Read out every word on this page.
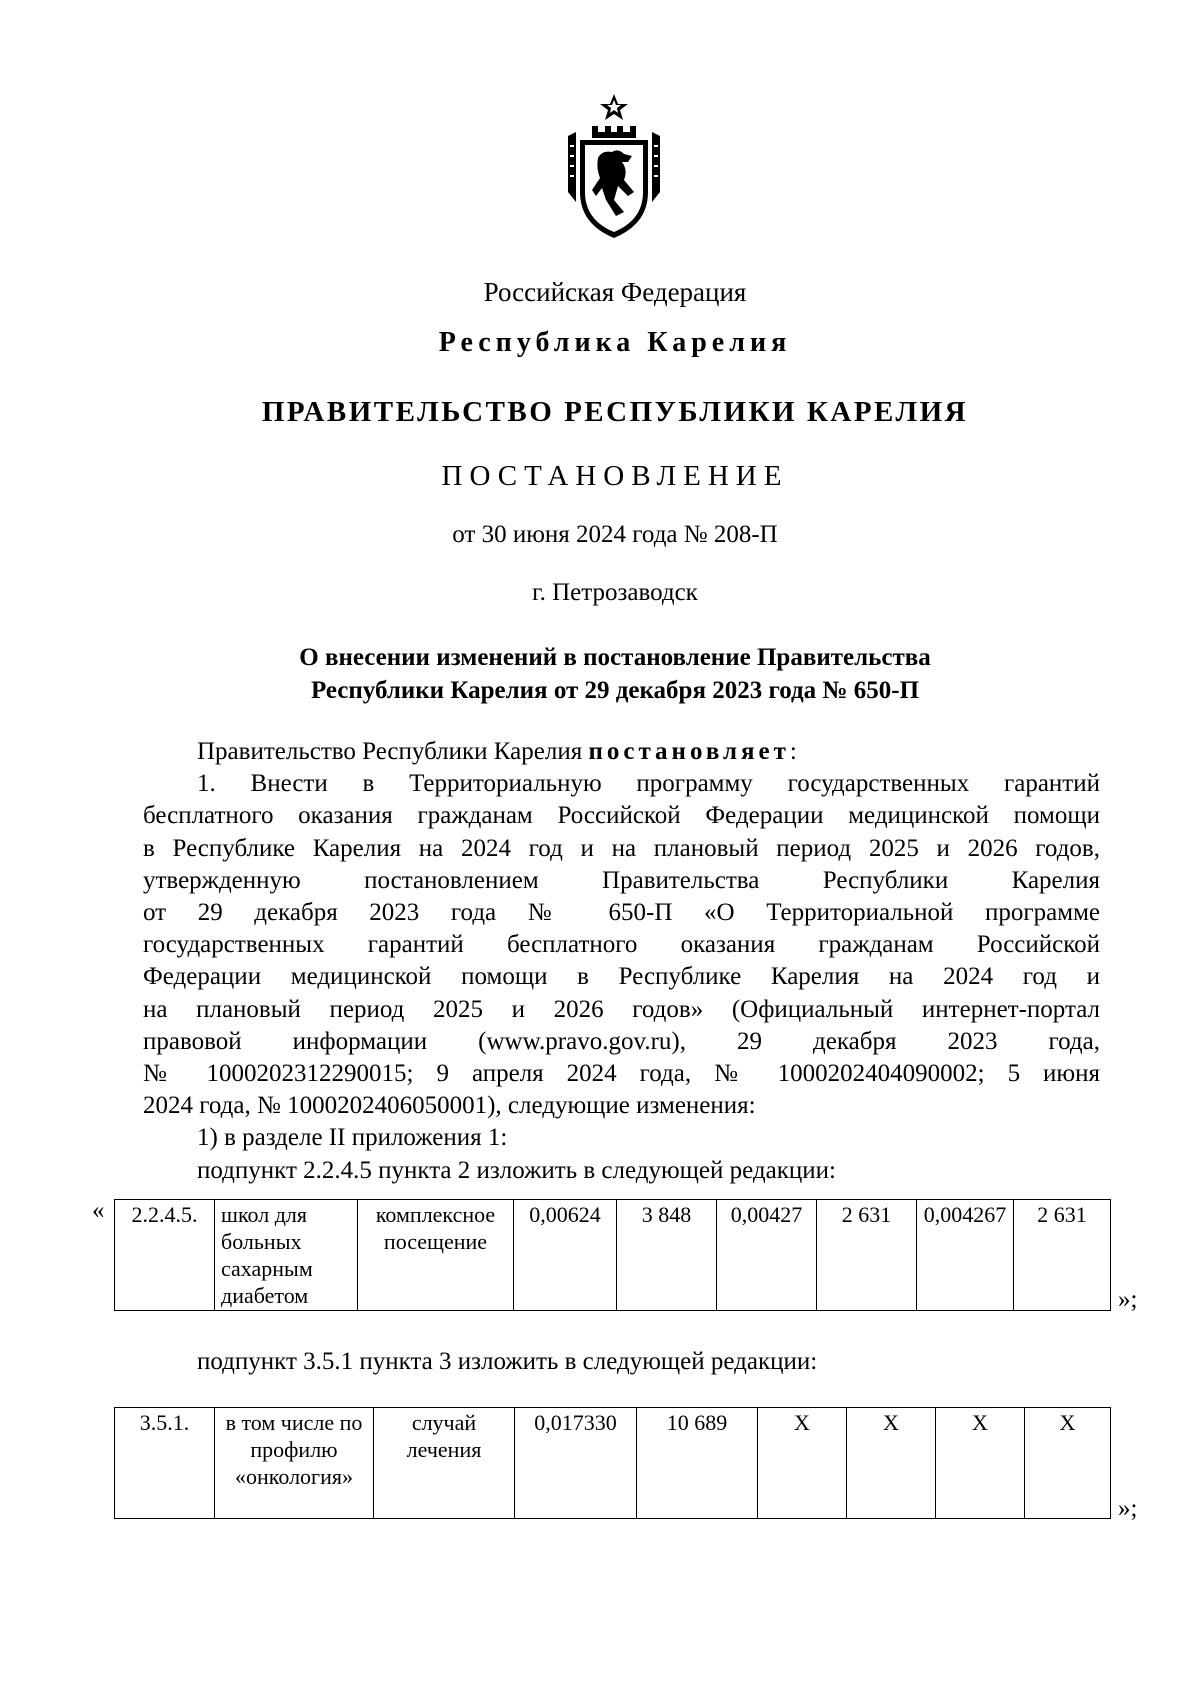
Российская Федерация
Республика Карелия
ПРАВИТЕЛЬСТВО РЕСПУБЛИКИ КАРЕЛИЯ
ПОСТАНОВЛЕНИЕ
от 30 июня 2024 года № 208-П
г. Петрозаводск
О внесении изменений в постановление Правительства
Республики Карелия от 29 декабря 2023 года № 650-П
Правительство Республики Карелия постановляет:
1. Внести в Территориальную программу государственных гарантий
бесплатного оказания гражданам Российской Федерации медицинской помощи
в Республике Карелия на 2024 год и на плановый период 2025 и 2026 годов,
утвержденную постановлением Правительства Республики Карелия
от 29 декабря 2023 года № 650-П «О Территориальной программе
государственных гарантий бесплатного оказания гражданам Российской
Федерации медицинской помощи в Республике Карелия на 2024 год и
на плановый период 2025 и 2026 годов» (Официальный интернет-портал
правовой информации (www.pravo.gov.ru), 29 декабря 2023 года,
№ 1000202312290015; 9 апреля 2024 года, № 1000202404090002; 5 июня
2024 года, № 1000202406050001), следующие изменения:
1) в разделе II приложения 1:
подпункт 2.2.4.5 пункта 2 изложить в следующей редакции:
« 2.2.4.5.	школ для больных сахарным диабетом	комплексное посещение	0,00624	3 848	0,00427	2 631	0,004267	2 631
»;
подпункт 3.5.1 пункта 3 изложить в следующей редакции:
3.5.1.	в том числе по профилю «онкология»	случай лечения	0,017330	10 689	X	X	X	X
»;
